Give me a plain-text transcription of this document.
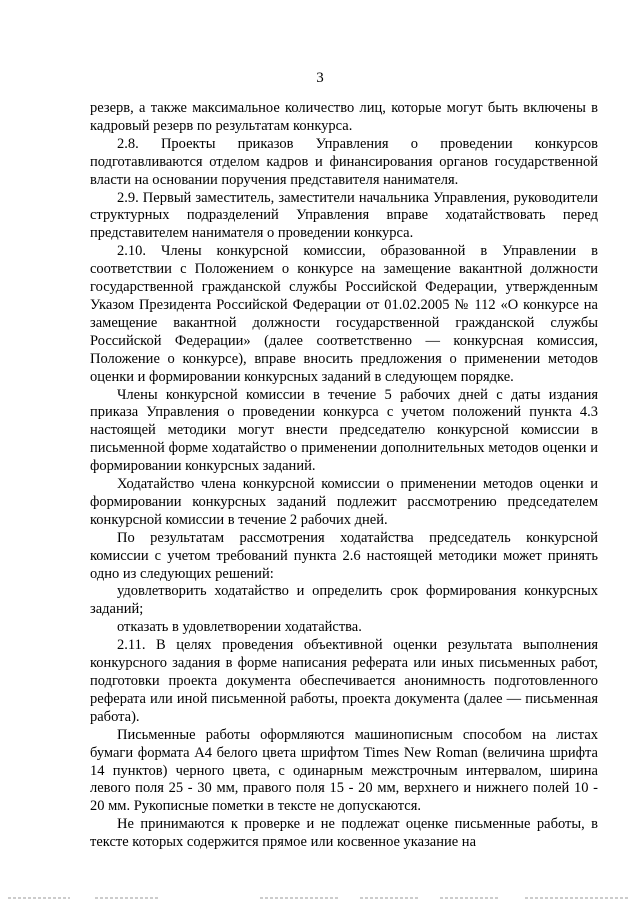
3

резерв, а также максимальное количество лиц, которые могут быть включены в кадровый резерв по результатам конкурса.

2.8. Проекты приказов Управления о проведении конкурсов подготавливаются отделом кадров и финансирования органов государственной власти на основании поручения представителя нанимателя.

2.9. Первый заместитель, заместители начальника Управления, руководители структурных подразделений Управления вправе ходатайствовать перед представителем нанимателя о проведении конкурса.

2.10. Члены конкурсной комиссии, образованной в Управлении в соответствии с Положением о конкурсе на замещение вакантной должности государственной гражданской службы Российской Федерации, утвержденным Указом Президента Российской Федерации от 01.02.2005 № 112 «О конкурсе на замещение вакантной должности государственной гражданской службы Российской Федерации» (далее соответственно — конкурсная комиссия, Положение о конкурсе), вправе вносить предложения о применении методов оценки и формировании конкурсных заданий в следующем порядке.

Члены конкурсной комиссии в течение 5 рабочих дней с даты издания приказа Управления о проведении конкурса с учетом положений пункта 4.3 настоящей методики могут внести председателю конкурсной комиссии в письменной форме ходатайство о применении дополнительных методов оценки и формировании конкурсных заданий.

Ходатайство члена конкурсной комиссии о применении методов оценки и формировании конкурсных заданий подлежит рассмотрению председателем конкурсной комиссии в течение 2 рабочих дней.

По результатам рассмотрения ходатайства председатель конкурсной комиссии с учетом требований пункта 2.6 настоящей методики может принять одно из следующих решений:

удовлетворить ходатайство и определить срок формирования конкурсных заданий;

отказать в удовлетворении ходатайства.

2.11. В целях проведения объективной оценки результата выполнения конкурсного задания в форме написания реферата или иных письменных работ, подготовки проекта документа обеспечивается анонимность подготовленного реферата или иной письменной работы, проекта документа (далее — письменная работа).

Письменные работы оформляются машинописным способом на листах бумаги формата А4 белого цвета шрифтом Times New Roman (величина шрифта 14 пунктов) черного цвета, с одинарным межстрочным интервалом, ширина левого поля 25 - 30 мм, правого поля 15 - 20 мм, верхнего и нижнего полей 10 - 20 мм. Рукописные пометки в тексте не допускаются.

Не принимаются к проверке и не подлежат оценке письменные работы, в тексте которых содержится прямое или косвенное указание на
